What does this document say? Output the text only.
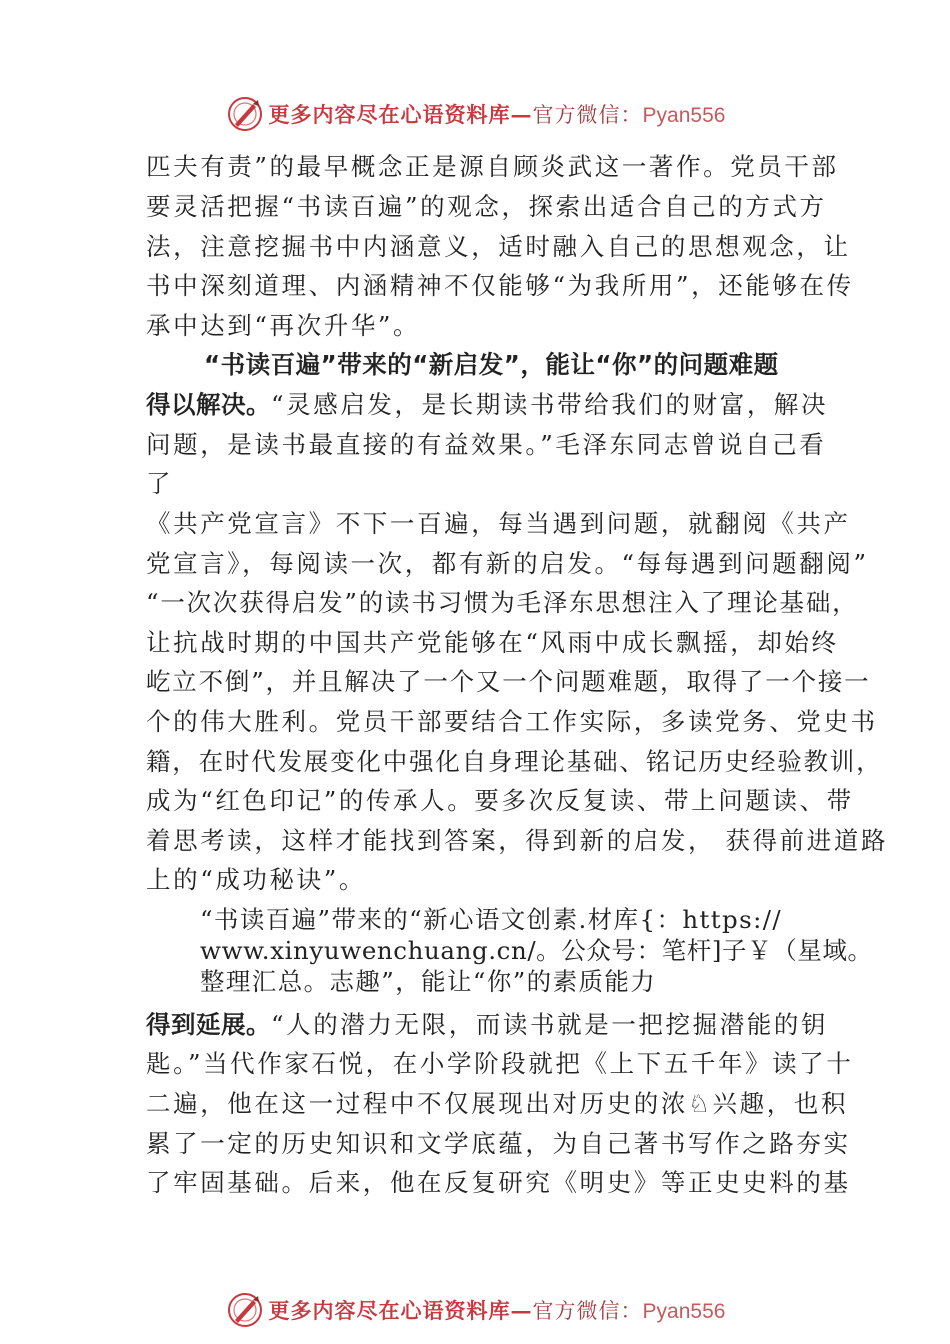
更多内容尽在心语资料库—官方微信：Pyan556
匹夫有责”的最早概念正是源自顾炎武这一著作。党员干部
要灵活把握“书读百遍”的观念，探索出适合自己的方式方
法，注意挖掘书中内涵意义，适时融入自己的思想观念，让
书中深刻道理、内涵精神不仅能够“为我所用”，还能够在传
承中达到“再次升华”。
“书读百遍”带来的“新启发”，能让“你”的问题难题
得以解决。“灵感启发，是长期读书带给我们的财富，解决
问题，是读书最直接的有益效果。”毛泽东同志曾说自己看
了
《共产党宣言》不下一百遍，每当遇到问题，就翻阅《共产
党宣言》，每阅读一次，都有新的启发。“每每遇到问题翻阅”
“一次次获得启发”的读书习惯为毛泽东思想注入了理论基础，
让抗战时期的中国共产党能够在“风雨中成长飘摇，却始终
屹立不倒”，并且解决了一个又一个问题难题，取得了一个接一
个的伟大胜利。党员干部要结合工作实际，多读党务、党史书
籍，在时代发展变化中强化自身理论基础、铭记历史经验教训，
成为“红色印记”的传承人。要多次反复读、带上问题读、带
着思考读，这样才能找到答案，得到新的启发， 获得前进道路
上的“成功秘诀”。
“书读百遍”带来的“新心语文创素.材库{：https://
www.xinyuwenchuang.cn/。公众号：笔杆]子￥（星域。
整理汇总。志趣”，能让“你”的素质能力
得到延展。“人的潜力无限，而读书就是一把挖掘潜能的钥
匙。”当代作家石悦，在小学阶段就把《上下五千年》读了十
二遍，他在这一过程中不仅展现出对历史的浓♘兴趣，也积
累了一定的历史知识和文学底蕴，为自己著书写作之路夯实
了牢固基础。后来，他在反复研究《明史》等正史史料的基
更多内容尽在心语资料库—官方微信：Pyan556
